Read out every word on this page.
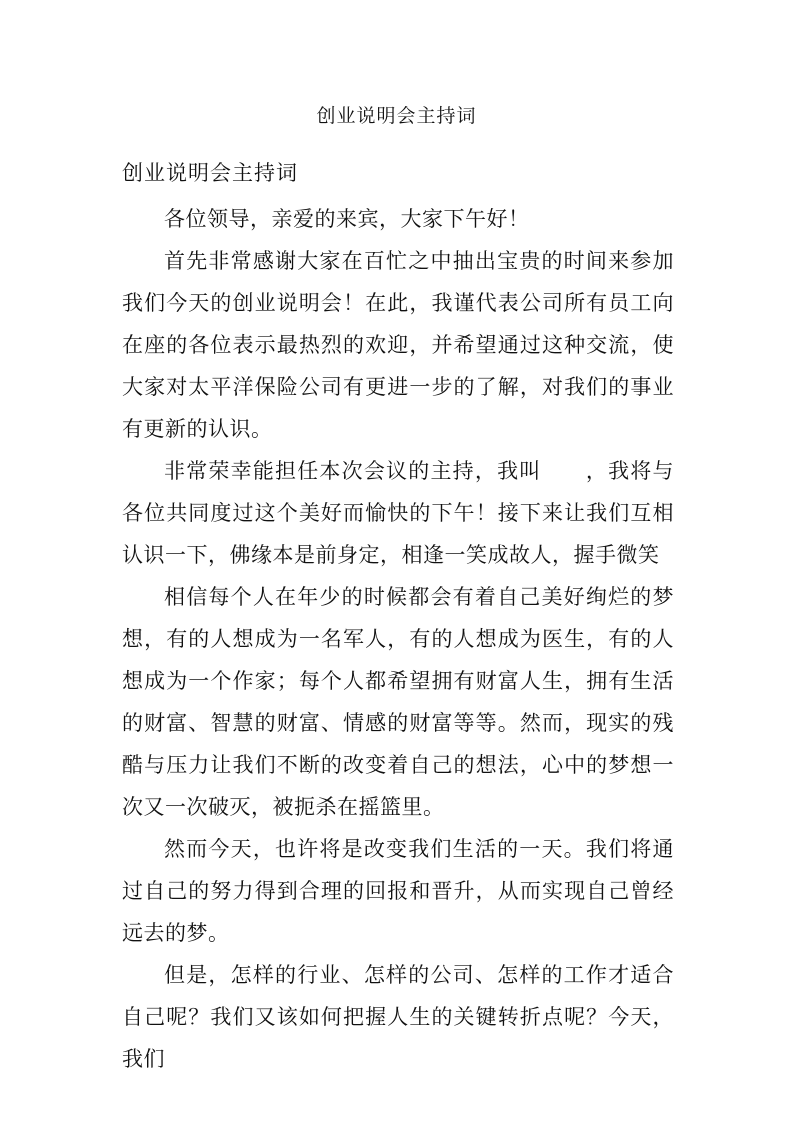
创业说明会主持词

创业说明会主持词

各位领导，亲爱的来宾，大家下午好！

首先非常感谢大家在百忙之中抽出宝贵的时间来参加我们今天的创业说明会！在此，我谨代表公司所有员工向在座的各位表示最热烈的欢迎，并希望通过这种交流，使大家对太平洋保险公司有更进一步的了解，对我们的事业有更新的认识。

非常荣幸能担任本次会议的主持，我叫　　，我将与各位共同度过这个美好而愉快的下午！接下来让我们互相认识一下，佛缘本是前身定，相逢一笑成故人，握手微笑

相信每个人在年少的时候都会有着自己美好绚烂的梦想，有的人想成为一名军人，有的人想成为医生，有的人想成为一个作家；每个人都希望拥有财富人生，拥有生活的财富、智慧的财富、情感的财富等等。然而，现实的残酷与压力让我们不断的改变着自己的想法，心中的梦想一次又一次破灭，被扼杀在摇篮里。

然而今天，也许将是改变我们生活的一天。我们将通过自己的努力得到合理的回报和晋升，从而实现自己曾经远去的梦。

但是，怎样的行业、怎样的公司、怎样的工作才适合自己呢？我们又该如何把握人生的关键转折点呢？今天，我们
